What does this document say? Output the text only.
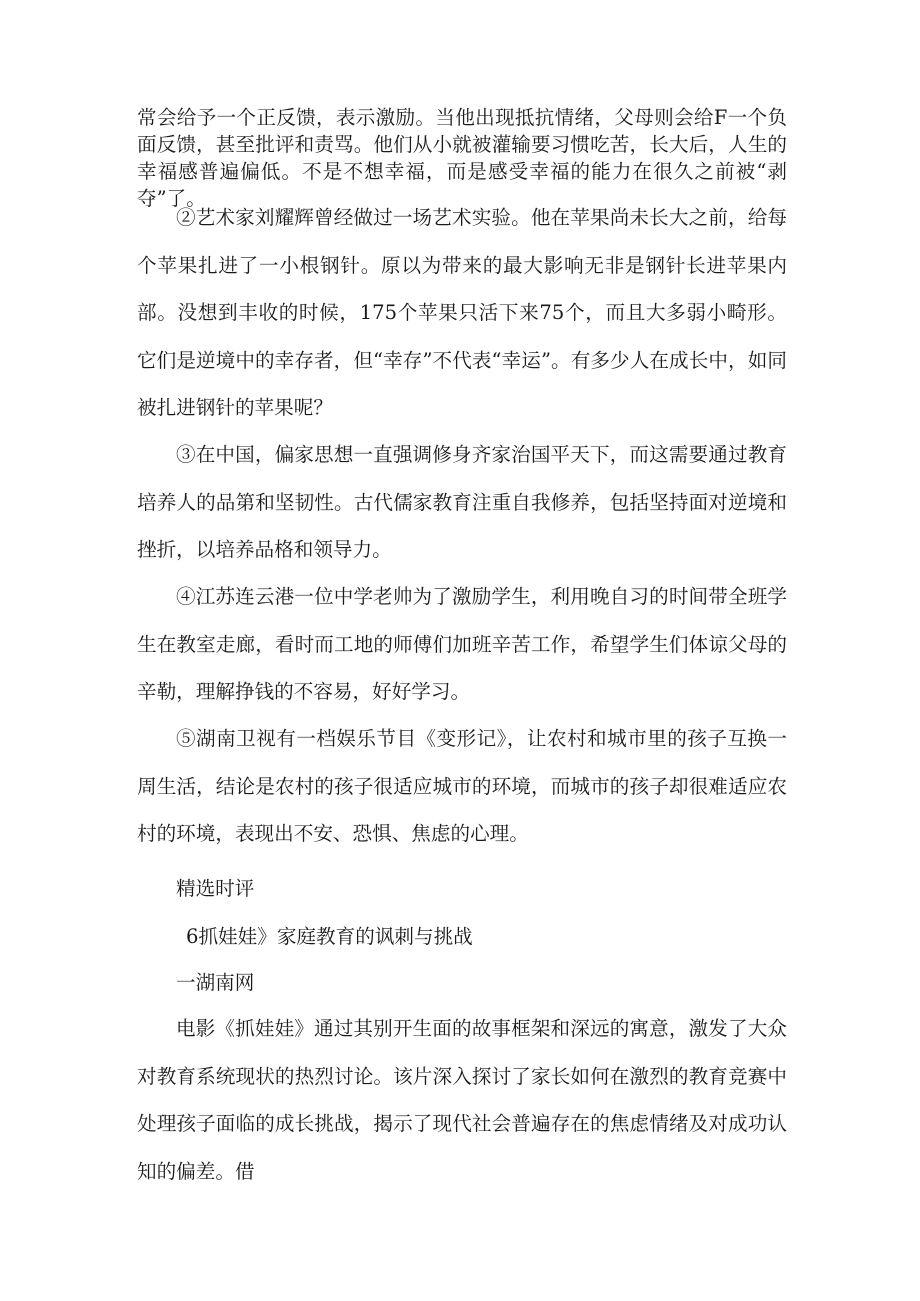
常会给予一个正反馈，表示激励。当他出现抵抗情绪，父母则会给F一个负面反馈，甚至批评和责骂。他们从小就被灌输要习惯吃苦，长大后，人生的幸福感普遍偏低。不是不想幸福，而是感受幸福的能力在很久之前被“剥夺”了。

②艺术家刘耀辉曾经做过一场艺术实验。他在苹果尚未长大之前，给每个苹果扎进了一小根钢针。原以为带来的最大影响无非是钢针长进苹果内部。没想到丰收的时候，175个苹果只活下来75个，而且大多弱小畸形。它们是逆境中的幸存者，但“幸存”不代表“幸运”。有多少人在成长中，如同被扎进钢针的苹果呢？

③在中国，偏家思想一直强调修身齐家治国平天下，而这需要通过教育培养人的品第和坚韧性。古代儒家教育注重自我修养，包括坚持面对逆境和挫折，以培养品格和领导力。

④江苏连云港一位中学老帅为了激励学生，利用晚自习的时间带全班学生在教室走廊，看时而工地的师傅们加班辛苦工作，希望学生们体谅父母的辛勒，理解挣钱的不容易，好好学习。

⑤湖南卫视有一档娱乐节目《变形记》，让农村和城市里的孩子互换一周生活，结论是农村的孩子很适应城市的环境，而城市的孩子却很难适应农村的环境，表现出不安、恐惧、焦虑的心理。

精选时评

6抓娃娃》家庭教育的讽刺与挑战

一湖南网

电影《抓娃娃》通过其别开生面的故事框架和深远的寓意，激发了大众对教育系统现状的热烈讨论。该片深入探讨了家长如何在激烈的教育竞赛中处理孩子面临的成长挑战，揭示了现代社会普遍存在的焦虑情绪及对成功认知的偏差。借
